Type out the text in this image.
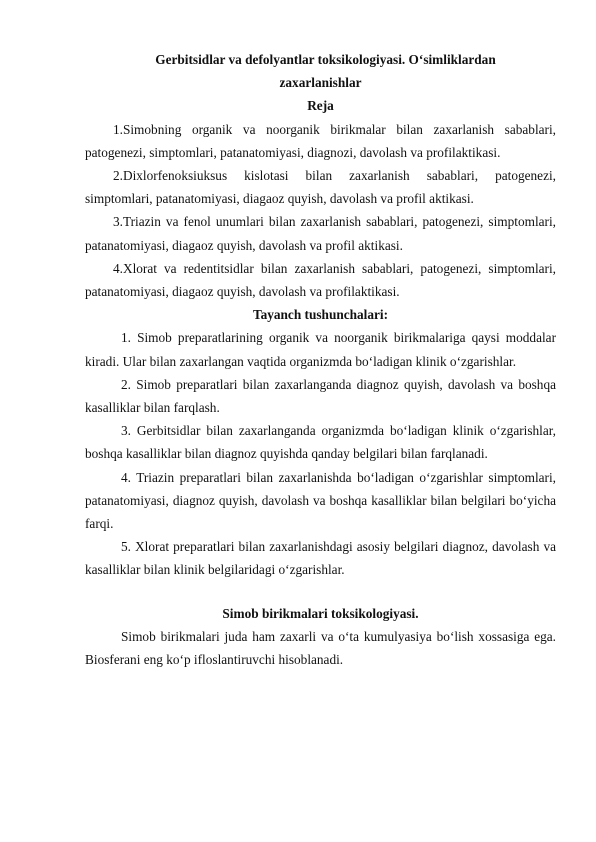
Gerbitsidlar va defolyantlar toksikologiyasi. O‘simliklardan
zaxarlanishlar

Reja

1.Simobning organik va noorganik birikmalar bilan zaxarlanish sabablari, patogenezi, simptomlari, patanatomiyasi, diagnozi, davolash va profilaktikasi.

2.Dixlorfenoksiuksus kislotasi bilan zaxarlanish sabablari, patogenezi, simptomlari, patanatomiyasi, diagaoz quyish, davolash va profil aktikasi.

3.Triazin va fenol unumlari bilan zaxarlanish sabablari, patogenezi, simptomlari, patanatomiyasi, diagaoz quyish, davolash va profil aktikasi.

4.Xlorat va redentitsidlar bilan zaxarlanish sabablari, patogenezi, simptomlari, patanatomiyasi, diagaoz quyish, davolash va profilaktikasi.

Tayanch tushunchalari:

1. Simob preparatlarining organik va noorganik birikmalariga qaysi moddalar kiradi. Ular bilan zaxarlangan vaqtida organizmda bo‘ladigan klinik o‘zgarishlar.

2. Simob preparatlari bilan zaxarlanganda diagnoz quyish, davolash va boshqa kasalliklar bilan farqlash.

3. Gerbitsidlar bilan zaxarlanganda organizmda bo‘ladigan klinik o‘zgarishlar, boshqa kasalliklar bilan diagnoz quyishda qanday belgilari bilan farqlanadi.

4. Triazin preparatlari bilan zaxarlanishda bo‘ladigan o‘zgarishlar simptomlari, patanatomiyasi, diagnoz quyish, davolash va boshqa kasalliklar bilan belgilari bo‘yicha farqi.

5. Xlorat preparatlari bilan zaxarlanishdagi asosiy belgilari diagnoz, davolash va kasalliklar bilan klinik belgilaridagi o‘zgarishlar.

Simob birikmalari toksikologiyasi.

Simob birikmalari juda ham zaxarli va o‘ta kumulyasiya bo‘lish xossasiga ega. Biosferani eng ko‘p ifloslantiruvchi hisoblanadi.
